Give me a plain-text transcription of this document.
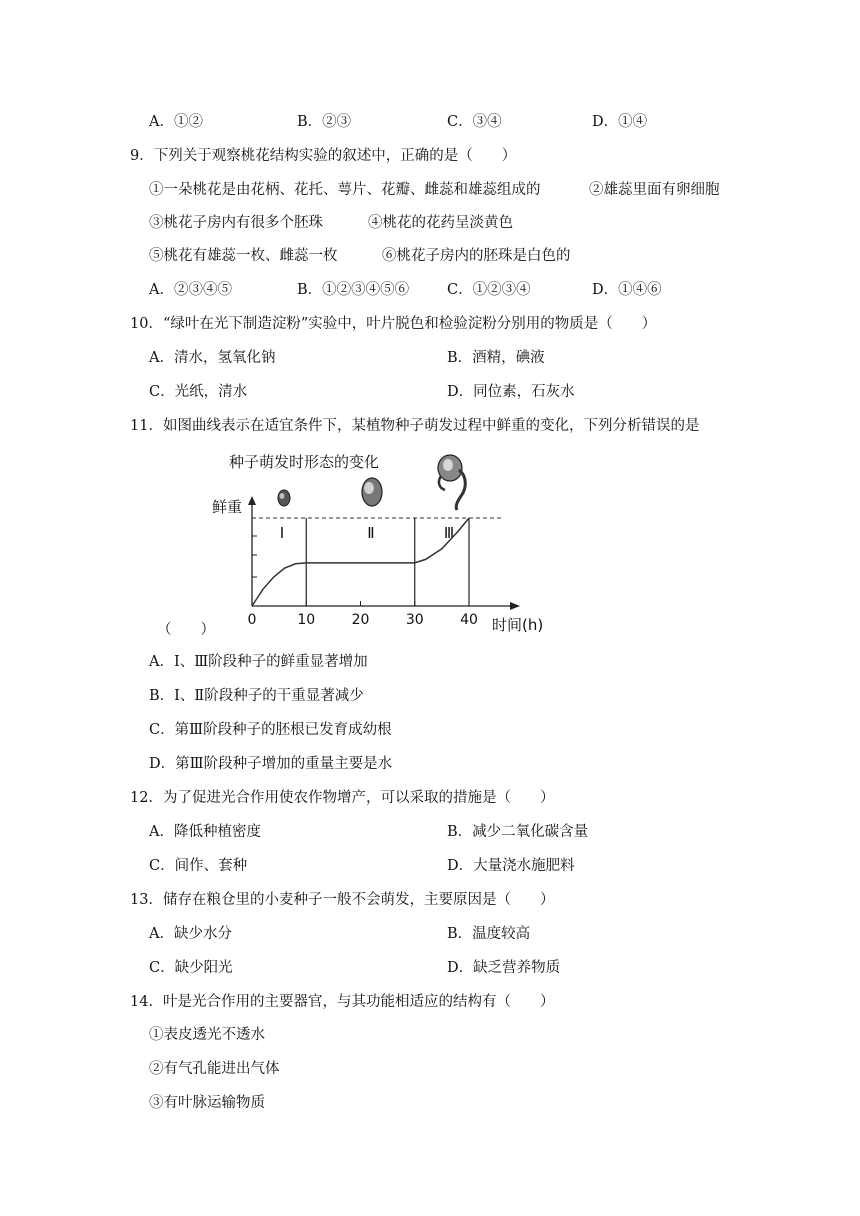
A．①②	B．②③	C．③④	D．①④
9．下列关于观察桃花结构实验的叙述中，正确的是（　　）
①一朵桃花是由花柄、花托、萼片、花瓣、雌蕊和雄蕊组成的	②雄蕊里面有卵细胞
③桃花子房内有很多个胚珠	④桃花的花药呈淡黄色
⑤桃花有雄蕊一枚、雌蕊一枚	⑥桃花子房内的胚珠是白色的
A．②③④⑤	B．①②③④⑤⑥	C．①②③④	D．①④⑥
10．“绿叶在光下制造淀粉”实验中，叶片脱色和检验淀粉分别用的物质是（　　）
A．清水，氢氧化钠	B．酒精，碘液
C．光纸，清水	D．同位素，石灰水
11．如图曲线表示在适宜条件下，某植物种子萌发过程中鲜重的变化，下列分析错误的是
种子萌发时形态的变化
鲜重
Ⅰ	Ⅱ	Ⅲ
0	10	20	30	40 时间(h)
（　　）
A．Ⅰ、Ⅲ阶段种子的鲜重显著增加
B．Ⅰ、Ⅱ阶段种子的干重显著减少
C．第Ⅲ阶段种子的胚根已发育成幼根
D．第Ⅲ阶段种子增加的重量主要是水
12．为了促进光合作用使农作物增产，可以采取的措施是（　　）
A．降低种植密度	B．减少二氧化碳含量
C．间作、套种	D．大量浇水施肥料
13．储存在粮仓里的小麦种子一般不会萌发，主要原因是（　　）
A．缺少水分	B．温度较高
C．缺少阳光	D．缺乏营养物质
14．叶是光合作用的主要器官，与其功能相适应的结构有（　　）
①表皮透光不透水
②有气孔能进出气体
③有叶脉运输物质
